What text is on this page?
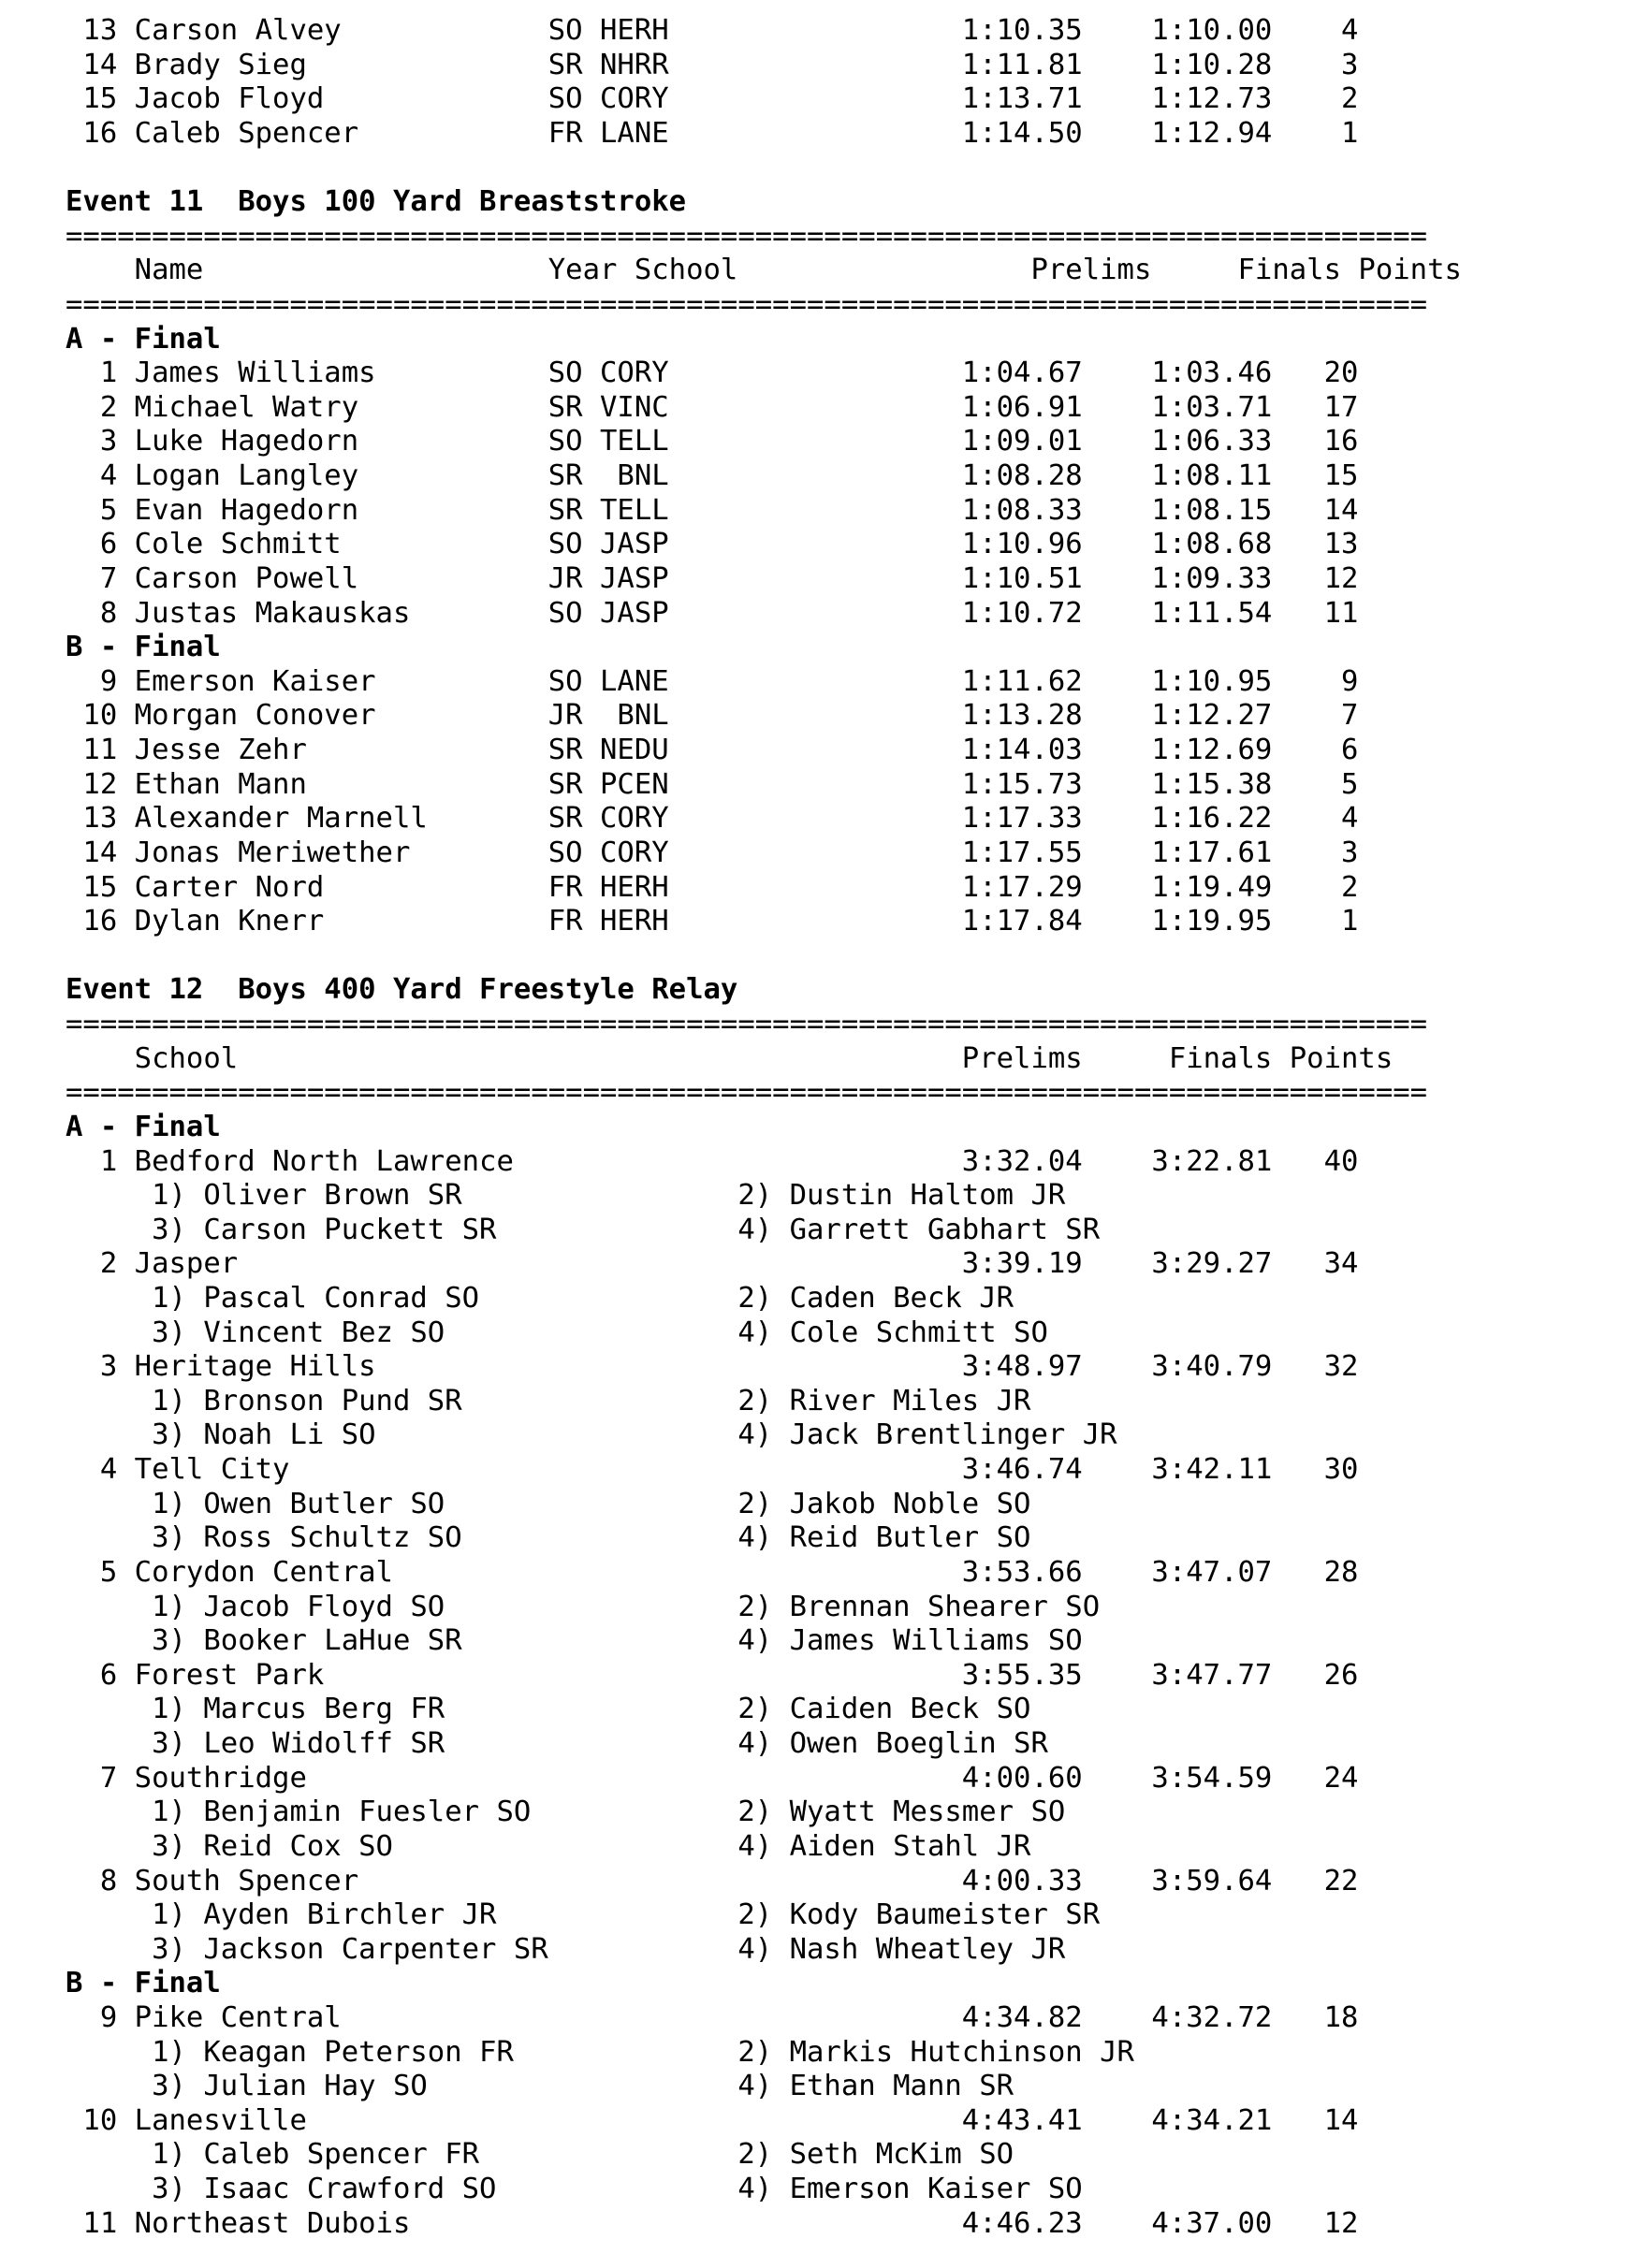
13 Carson Alvey            SO HERH                 1:10.35    1:10.00    4
14 Brady Sieg              SR NHRR                 1:11.81    1:10.28    3
15 Jacob Floyd             SO CORY                 1:13.71    1:12.73    2
16 Caleb Spencer           FR LANE                 1:14.50    1:12.94    1
Event 11  Boys 100 Yard Breaststroke
===============================================================================
Name                    Year School                 Prelims     Finals Points
===============================================================================
A - Final
1 James Williams          SO CORY                 1:04.67    1:03.46   20
2 Michael Watry           SR VINC                 1:06.91    1:03.71   17
3 Luke Hagedorn           SO TELL                 1:09.01    1:06.33   16
4 Logan Langley           SR  BNL                 1:08.28    1:08.11   15
5 Evan Hagedorn           SR TELL                 1:08.33    1:08.15   14
6 Cole Schmitt            SO JASP                 1:10.96    1:08.68   13
7 Carson Powell           JR JASP                 1:10.51    1:09.33   12
8 Justas Makauskas        SO JASP                 1:10.72    1:11.54   11
B - Final
9 Emerson Kaiser          SO LANE                 1:11.62    1:10.95    9
10 Morgan Conover          JR  BNL                 1:13.28    1:12.27    7
11 Jesse Zehr              SR NEDU                 1:14.03    1:12.69    6
12 Ethan Mann              SR PCEN                 1:15.73    1:15.38    5
13 Alexander Marnell       SR CORY                 1:17.33    1:16.22    4
14 Jonas Meriwether        SO CORY                 1:17.55    1:17.61    3
15 Carter Nord             FR HERH                 1:17.29    1:19.49    2
16 Dylan Knerr             FR HERH                 1:17.84    1:19.95    1
Event 12  Boys 400 Yard Freestyle Relay
===============================================================================
School                                          Prelims     Finals Points
===============================================================================
A - Final
1 Bedford North Lawrence                          3:32.04    3:22.81   40
1) Oliver Brown SR                2) Dustin Haltom JR
3) Carson Puckett SR              4) Garrett Gabhart SR
2 Jasper                                          3:39.19    3:29.27   34
1) Pascal Conrad SO               2) Caden Beck JR
3) Vincent Bez SO                 4) Cole Schmitt SO
3 Heritage Hills                                  3:48.97    3:40.79   32
1) Bronson Pund SR                2) River Miles JR
3) Noah Li SO                     4) Jack Brentlinger JR
4 Tell City                                       3:46.74    3:42.11   30
1) Owen Butler SO                 2) Jakob Noble SO
3) Ross Schultz SO                4) Reid Butler SO
5 Corydon Central                                 3:53.66    3:47.07   28
1) Jacob Floyd SO                 2) Brennan Shearer SO
3) Booker LaHue SR                4) James Williams SO
6 Forest Park                                     3:55.35    3:47.77   26
1) Marcus Berg FR                 2) Caiden Beck SO
3) Leo Widolff SR                 4) Owen Boeglin SR
7 Southridge                                      4:00.60    3:54.59   24
1) Benjamin Fuesler SO            2) Wyatt Messmer SO
3) Reid Cox SO                    4) Aiden Stahl JR
8 South Spencer                                   4:00.33    3:59.64   22
1) Ayden Birchler JR              2) Kody Baumeister SR
3) Jackson Carpenter SR           4) Nash Wheatley JR
B - Final
9 Pike Central                                    4:34.82    4:32.72   18
1) Keagan Peterson FR             2) Markis Hutchinson JR
3) Julian Hay SO                  4) Ethan Mann SR
10 Lanesville                                      4:43.41    4:34.21   14
1) Caleb Spencer FR               2) Seth McKim SO
3) Isaac Crawford SO              4) Emerson Kaiser SO
11 Northeast Dubois                                4:46.23    4:37.00   12
